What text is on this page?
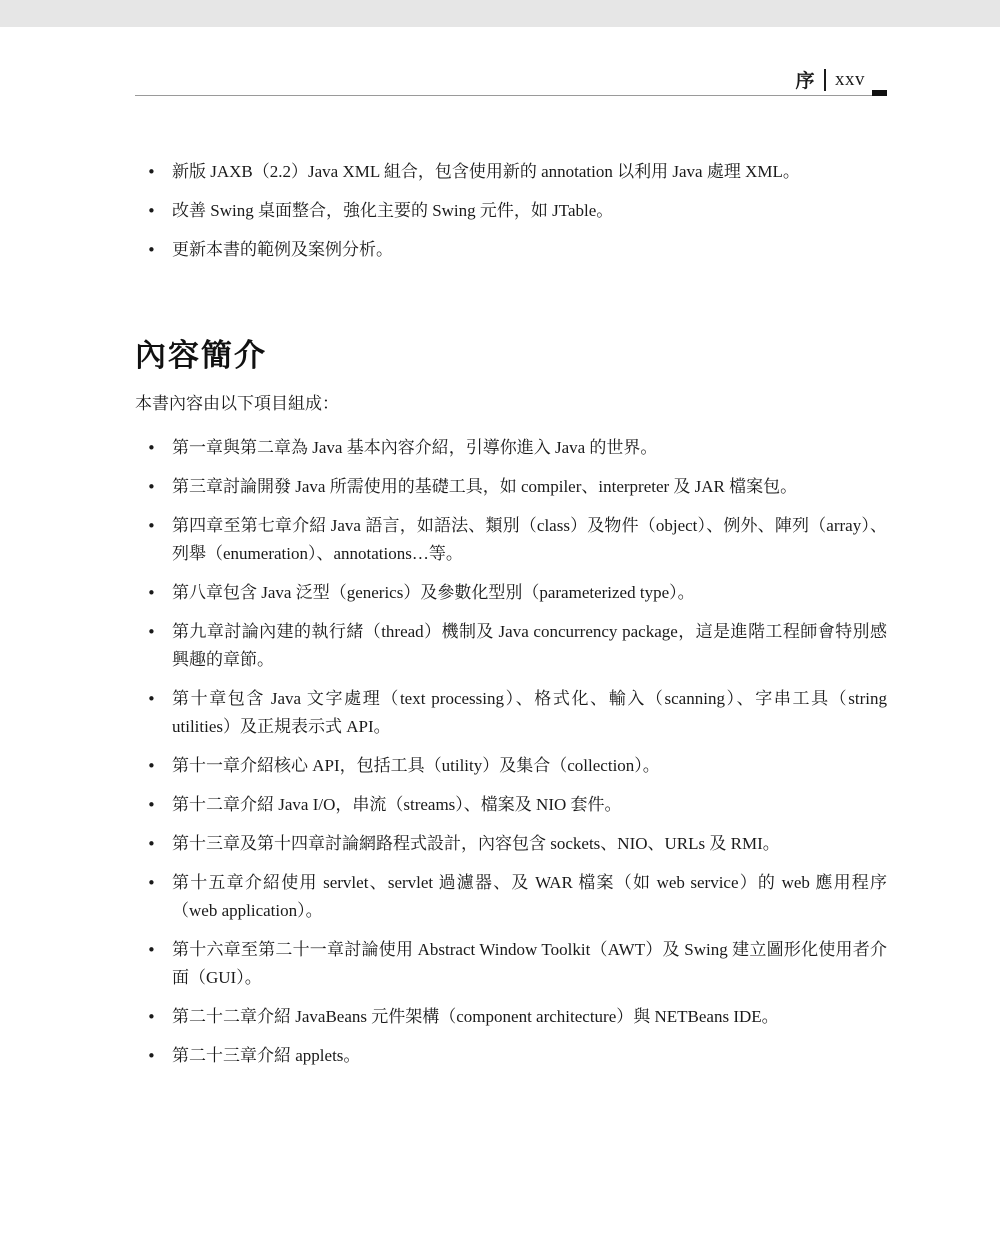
序 xxv
• 新版 JAXB（2.2）Java XML 組合，包含使用新的 annotation 以利用 Java 處理 XML。
• 改善 Swing 桌面整合，強化主要的 Swing 元件，如 JTable。
• 更新本書的範例及案例分析。
內容簡介

本書內容由以下項目組成：

• 第一章與第二章為 Java 基本內容介紹，引導你進入 Java 的世界。
• 第三章討論開發 Java 所需使用的基礎工具，如 compiler、interpreter 及 JAR 檔案包。
• 第四章至第七章介紹 Java 語言，如語法、類別（class）及物件（object）、例外、陣列（array）、列舉（enumeration）、annotations…等。
• 第八章包含 Java 泛型（generics）及參數化型別（parameterized type）。
• 第九章討論內建的執行緒（thread）機制及 Java concurrency package，這是進階工程師會特別感興趣的章節。
• 第十章包含 Java 文字處理（text processing）、格式化、輸入（scanning）、字串工具（string utilities）及正規表示式 API。
• 第十一章介紹核心 API，包括工具（utility）及集合（collection）。
• 第十二章介紹 Java I/O，串流（streams）、檔案及 NIO 套件。
• 第十三章及第十四章討論網路程式設計，內容包含 sockets、NIO、URLs 及 RMI。
• 第十五章介紹使用 servlet、servlet 過濾器、及 WAR 檔案（如 web service）的 web 應用程序（web application）。
• 第十六章至第二十一章討論使用 Abstract Window Toolkit（AWT）及 Swing 建立圖形化使用者介面（GUI）。
• 第二十二章介紹 JavaBeans 元件架構（component architecture）與 NETBeans IDE。
• 第二十三章介紹 applets。
